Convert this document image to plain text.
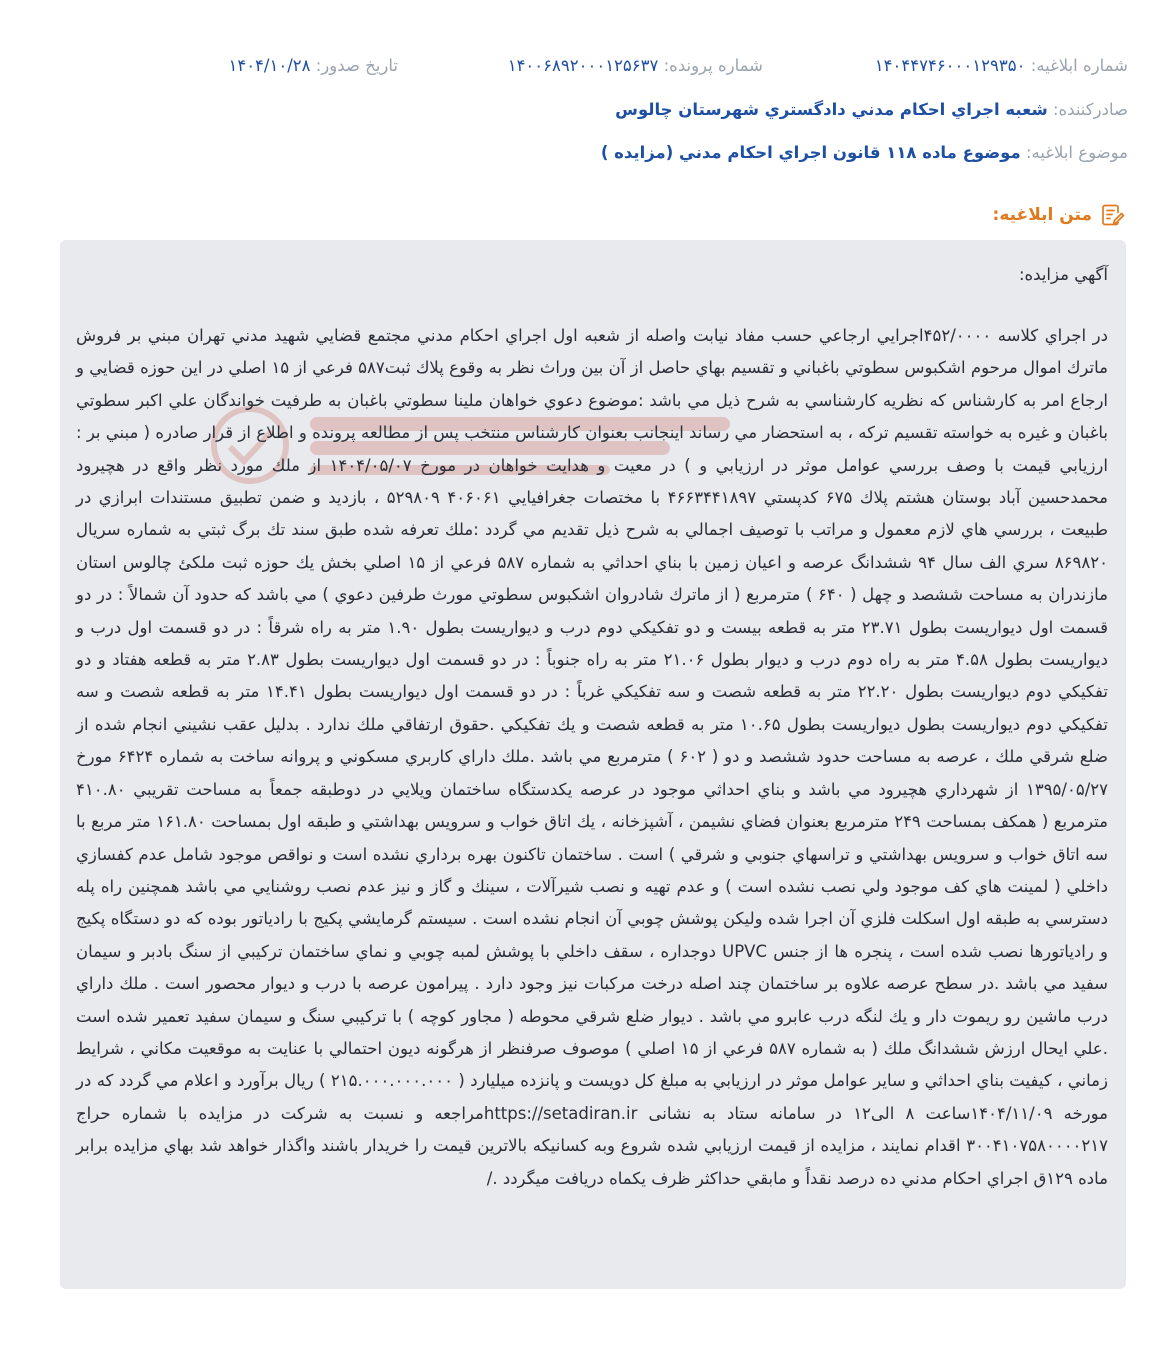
شماره ابلاغیه: ۱۴۰۴۴۷۴۶۰۰۰۱۲۹۳۵۰
شماره پرونده: ۱۴۰۰۶۸۹۲۰۰۰۱۲۵۶۳۷
تاریخ صدور: ۱۴۰۴/۱۰/۲۸
صادرکننده: شعبه اجراي احكام مدني دادگستري شهرستان چالوس
موضوع ابلاغیه: موضوع ماده ۱۱۸ قانون اجراي احكام مدني (مزايده )
متن ابلاغیه:

آگهي مزايده:

در اجراي كلاسه ۴۵۲/۰۰۰۰اجرايي ارجاعي حسب مفاد نيابت واصله از شعبه اول اجراي احكام مدني مجتمع قضايي شهيد مدني تهران مبني بر فروش ماترك اموال مرحوم اشكبوس سطوتي باغباني و تقسيم بهاي حاصل از آن بين وراث نظر به وقوع پلاك ثبت۵۸۷ فرعي از ۱۵ اصلي در اين حوزه قضايي و ارجاع امر به كارشناس كه نظريه كارشناسي به شرح ذيل مي باشد :موضوع دعوي خواهان ملينا سطوتي باغبان به طرفيت خواندگان علي اكبر سطوتي باغبان و غيره به خواسته تقسيم تركه ، به استحضار مي رساند اينجانب بعنوان كارشناس منتخب پس از مطالعه پرونده و اطلاع از قرار صادره ( مبني بر : ارزيابي قيمت با وصف بررسي عوامل موثر در ارزيابي و ) در معيت و هدايت خواهان در مورخ ۱۴۰۴/۰۵/۰۷ از ملك مورد نظر واقع در هچيرود محمدحسين آباد بوستان هشتم پلاك ۶۷۵ كدپستي ۴۶۶۳۴۴۱۸۹۷ با مختصات جغرافيايي ۴۰۶۰۶۱ ۵۲۹۸۰۹ ، بازديد و ضمن تطبيق مستندات ابرازي در طبيعت ، بررسي هاي لازم معمول و مراتب با توصيف اجمالي به شرح ذيل تقديم مي گردد :ملك تعرفه شده طبق سند تك برگ ثبتي به شماره سريال ۸۶۹۸۲۰ سري الف سال ۹۴ ششدانگ عرصه و اعيان زمين با بناي احداثي به شماره ۵۸۷ فرعي از ۱۵ اصلي بخش يك حوزه ثبت ملكئ چالوس استان مازندران به مساحت ششصد و چهل ( ۶۴۰ ) مترمربع ( از ماترك شادروان اشكبوس سطوتي مورث طرفين دعوي ) مي باشد كه حدود آن شمالاً : در دو قسمت اول ديواريست بطول ۲۳.۷۱ متر به قطعه بيست و دو تفكيكي دوم درب و ديواريست بطول ۱.۹۰ متر به راه شرقاً : در دو قسمت اول درب و ديواريست بطول ۴.۵۸ متر به راه دوم درب و ديوار بطول ۲۱.۰۶ متر به راه جنوباً : در دو قسمت اول ديواريست بطول ۲.۸۳ متر به قطعه هفتاد و دو تفكيكي دوم ديواريست بطول ۲۲.۲۰ متر به قطعه شصت و سه تفكيكي غرباً : در دو قسمت اول ديواريست بطول ۱۴.۴۱ متر به قطعه شصت و سه تفكيكي دوم ديواريست بطول ديواريست بطول ۱۰.۶۵ متر به قطعه شصت و يك تفكيكي .حقوق ارتفاقي ملك ندارد . بدليل عقب نشيني انجام شده از ضلع شرقي ملك ، عرصه به مساحت حدود ششصد و دو ( ۶۰۲ ) مترمربع مي باشد .ملك داراي كاربري مسكوني و پروانه ساخت به شماره ۶۴۲۴ مورخ ۱۳۹۵/۰۵/۲۷ از شهرداري هچيرود مي باشد و بناي احداثي موجود در عرصه يكدستگاه ساختمان ويلايي در دوطبقه جمعاً به مساحت تقريبي ۴۱۰.۸۰ مترمربع ( همكف بمساحت ۲۴۹ مترمربع بعنوان فضاي نشيمن ، آشپزخانه ، يك اتاق خواب و سرويس بهداشتي و طبقه اول بمساحت ۱۶۱.۸۰ متر مربع با سه اتاق خواب و سرويس بهداشتي و تراسهاي جنوبي و شرقي ) است . ساختمان تاكنون بهره برداري نشده است و نواقص موجود شامل عدم كفسازي داخلي ( لمينت هاي كف موجود ولي نصب نشده است ) و عدم تهيه و نصب شيرآلات ، سينك و گاز و نيز عدم نصب روشنايي مي باشد همچنين راه پله دسترسي به طبقه اول اسكلت فلزي آن اجرا شده وليكن پوشش چوبي آن انجام نشده است . سيستم گرمايشي پكيج با رادياتور بوده كه دو دستگاه پكيج و رادياتورها نصب شده است ، پنجره ها از جنس UPVC دوجداره ، سقف داخلي با پوشش لمبه چوبي و نماي ساختمان تركيبي از سنگ بادبر و سيمان سفيد مي باشد .در سطح عرصه علاوه بر ساختمان چند اصله درخت مركبات نيز وجود دارد . پيرامون عرصه با درب و ديوار محصور است . ملك داراي درب ماشين رو ريموت دار و يك لنگه درب عابرو مي باشد . ديوار ضلع شرقي محوطه ( مجاور كوچه ) با تركيبي سنگ و سيمان سفيد تعمير شده است .علي ايحال ارزش ششدانگ ملك ( به شماره ۵۸۷ فرعي از ۱۵ اصلي ) موصوف صرفنظر از هرگونه ديون احتمالي با عنايت به موقعيت مكاني ، شرايط زماني ، كيفيت بناي احداثي و ساير عوامل موثر در ارزيابي به مبلغ كل دويست و پانزده ميليارد ( ۲۱۵.۰۰۰.۰۰۰.۰۰۰ ) ريال برآورد و اعلام مي گردد كه در مورخه ۱۴۰۴/۱۱/۰۹ساعت ۸ الی۱۲ در سامانه ستاد به نشانی https://setadiran.irمراجعه و نسبت به شركت در مزايده با شماره حراج ۳۰۰۴۱۰۷۵۸۰۰۰۰۲۱۷ اقدام نمايند ، مزايده از قيمت ارزيابي شده شروع وبه كسانيكه بالاترين قيمت را خريدار باشند واگذار خواهد شد بهاي مزايده برابر ماده ۱۲۹ق اجراي احكام مدني ده درصد نقداً و مابقي حداكثر ظرف يكماه دريافت ميگردد ./
